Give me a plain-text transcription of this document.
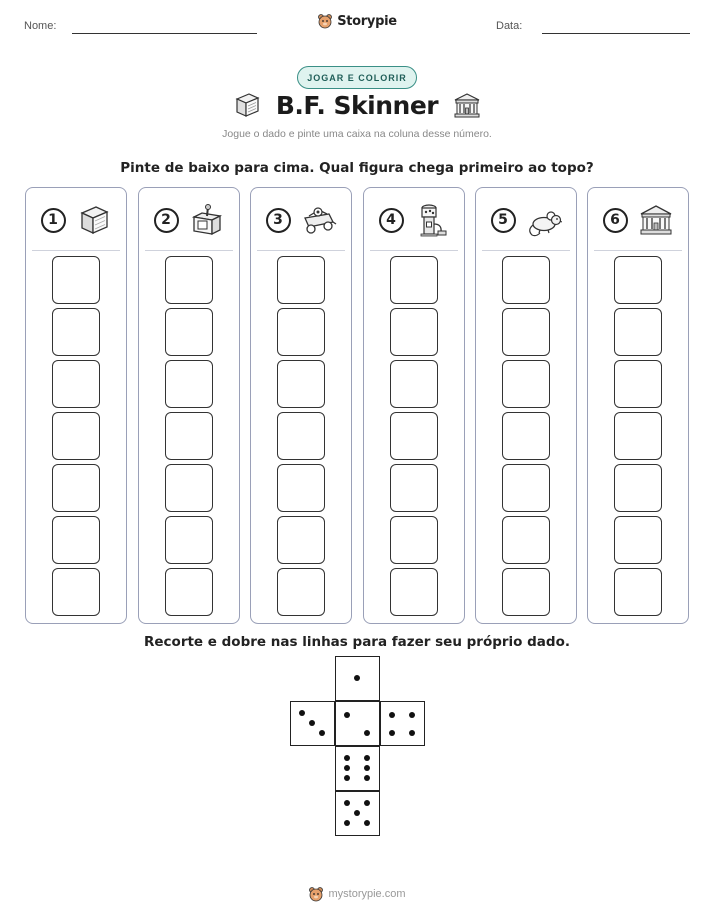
Nome:	Storypie	Data:
JOGAR E COLORIR
B.F. Skinner
Jogue o dado e pinte uma caixa na coluna desse número.
Pinte de baixo para cima. Qual figura chega primeiro ao topo?
1	2	3	4	5	6
Recorte e dobre nas linhas para fazer seu próprio dado.
mystorypie.com
